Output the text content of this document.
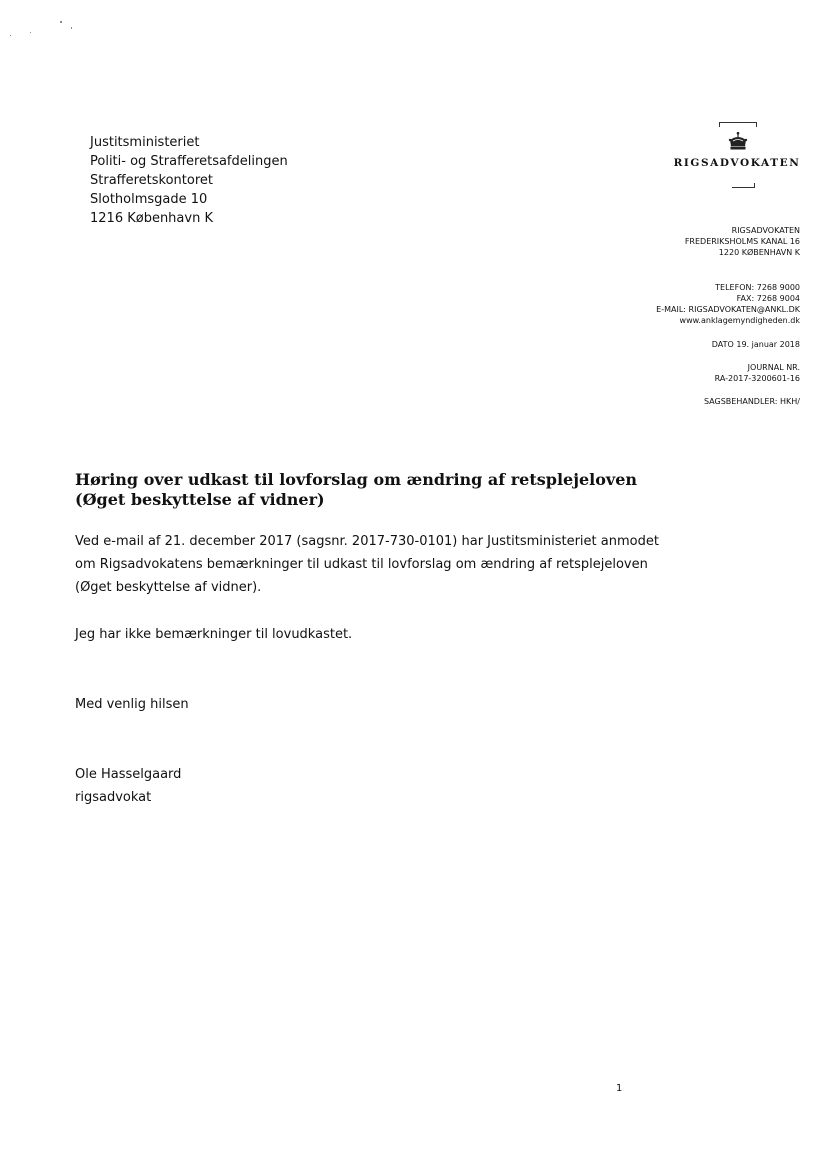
Justitsministeriet
Politi- og Strafferetsafdelingen
Strafferetskontoret
Slotholmsgade 10
1216 København K
RIGSADVOKATEN
RIGSADVOKATEN
FREDERIKSHOLMS KANAL 16
1220 KØBENHAVN K
TELEFON: 7268 9000
FAX: 7268 9004
E-MAIL: RIGSADVOKATEN@ANKL.DK
www.anklagemyndigheden.dk
DATO 19. januar 2018
JOURNAL NR.
RA-2017-3200601-16
SAGSBEHANDLER: HKH/
Høring over udkast til lovforslag om ændring af retsplejeloven
(Øget beskyttelse af vidner)
Ved e-mail af 21. december 2017 (sagsnr. 2017-730-0101) har Justitsministeriet anmodet
om Rigsadvokatens bemærkninger til udkast til lovforslag om ændring af retsplejeloven
(Øget beskyttelse af vidner).
Jeg har ikke bemærkninger til lovudkastet.
Med venlig hilsen
Ole Hasselgaard
rigsadvokat
1
